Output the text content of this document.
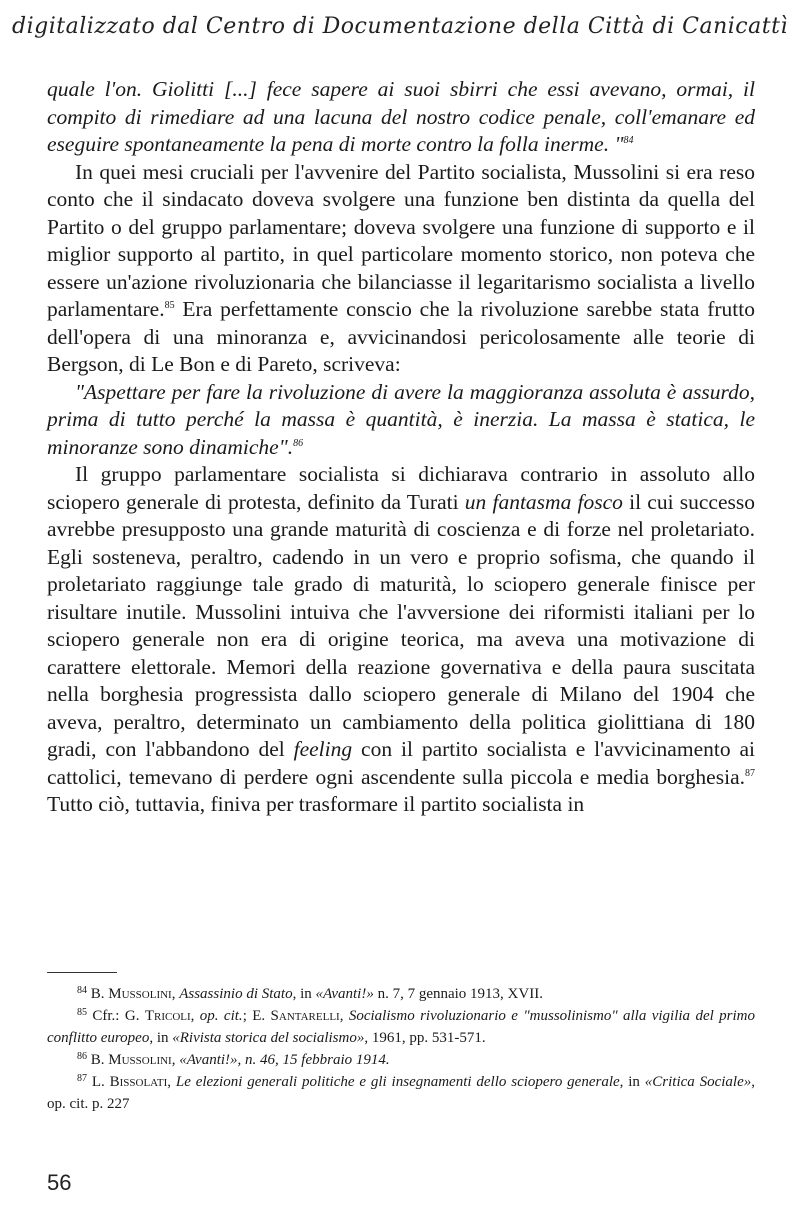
digitalizzato dal Centro di Documentazione della Città di Canicattì

quale l'on. Giolitti [...] fece sapere ai suoi sbirri che essi avevano, ormai, il compito di rimediare ad una lacuna del nostro codice penale, coll'emanare ed eseguire spontaneamente la pena di morte contro la folla inerme. "$^{84}$

In quei mesi cruciali per l'avvenire del Partito socialista, Mussolini si era reso conto che il sindacato doveva svolgere una funzione ben distinta da quella del Partito o del gruppo parlamentare; doveva svolgere una funzione di supporto e il miglior supporto al partito, in quel particolare momento storico, non poteva che essere un'azione rivoluzionaria che bilanciasse il legaritarismo socialista a livello parlamentare.$^{85}$ Era perfettamente conscio che la rivoluzione sarebbe stata frutto dell'opera di una minoranza e, avvicinandosi pericolosamente alle teorie di Bergson, di Le Bon e di Pareto, scriveva:

"Aspettare per fare la rivoluzione di avere la maggioranza assoluta è assurdo, prima di tutto perché la massa è quantità, è inerzia. La massa è statica, le minoranze sono dinamiche".$^{86}$

Il gruppo parlamentare socialista si dichiarava contrario in assoluto allo sciopero generale di protesta, definito da Turati un fantasma fosco il cui successo avrebbe presupposto una grande maturità di coscienza e di forze nel proletariato. Egli sosteneva, peraltro, cadendo in un vero e proprio sofisma, che quando il proletariato raggiunge tale grado di maturità, lo sciopero generale finisce per risultare inutile. Mussolini intuiva che l'avversione dei riformisti italiani per lo sciopero generale non era di origine teorica, ma aveva una motivazione di carattere elettorale. Memori della reazione governativa e della paura suscitata nella borghesia progressista dallo sciopero generale di Milano del 1904 che aveva, peraltro, determinato un cambiamento della politica giolittiana di 180 gradi, con l'abbandono del feeling con il partito socialista e l'avvicinamento ai cattolici, temevano di perdere ogni ascendente sulla piccola e media borghesia.$^{87}$ Tutto ciò, tuttavia, finiva per trasformare il partito socialista in

$^{84}$ B. Mussolini, Assassinio di Stato, in «Avanti!» n. 7, 7 gennaio 1913, XVII.

$^{85}$ Cfr.: G. Tricoli, op. cit.; E. Santarelli, Socialismo rivoluzionario e "mussolinismo" alla vigilia del primo conflitto europeo, in «Rivista storica del socialismo», 1961, pp. 531-571.

$^{86}$ B. Mussolini, «Avanti!», n. 46, 15 febbraio 1914.

$^{87}$ L. Bissolati, Le elezioni generali politiche e gli insegnamenti dello sciopero generale, in «Critica Sociale», op. cit. p. 227

56
